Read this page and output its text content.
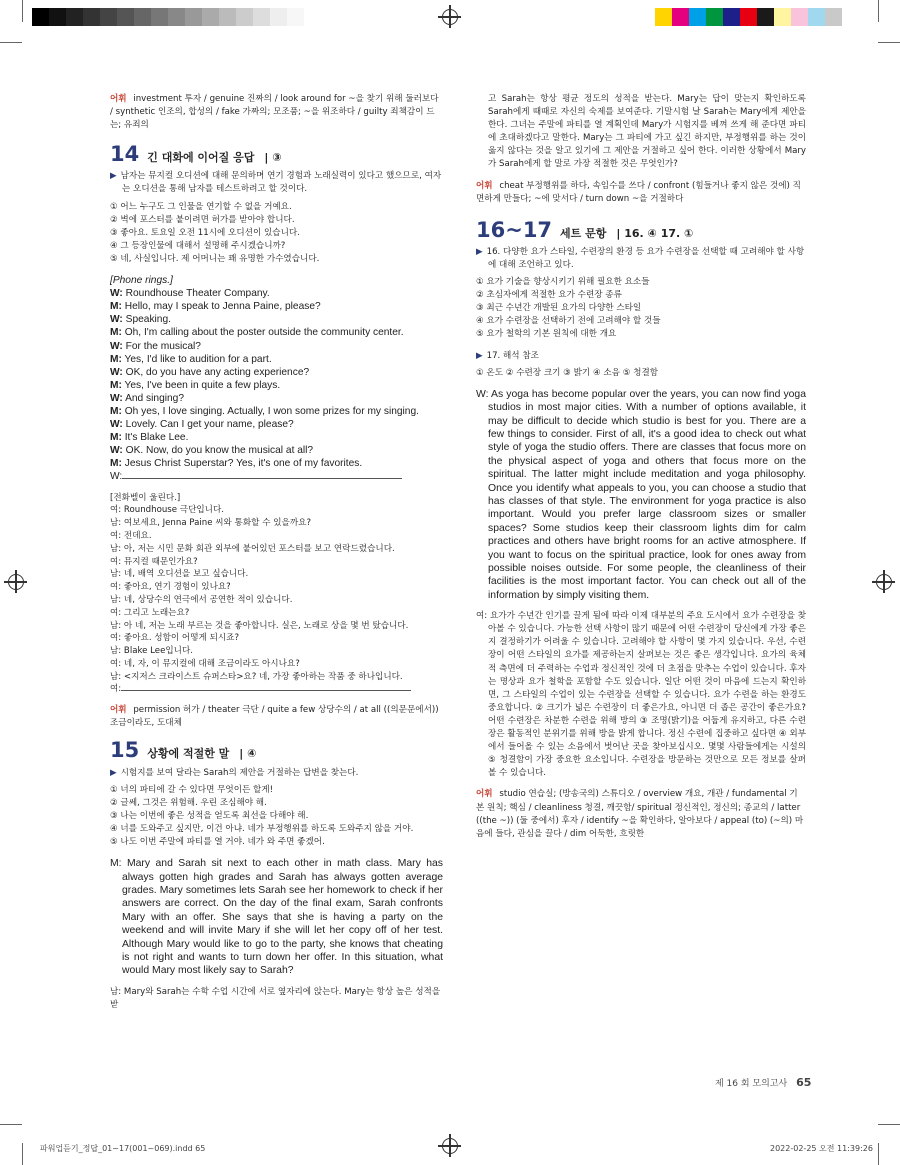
어휘 investment 투자 / genuine 진짜의 / look around for ~을 찾기 위해 둘러보다 / synthetic 인조의, 합성의 / fake 가짜의; 모조품; ~을 위조하다 / guilty 죄책감이 드는; 유죄의

14 긴 대화에 이어질 응답 | ③

▶ 남자는 뮤지컬 오디션에 대해 문의하며 연기 경험과 노래실력이 있다고 했으므로, 여자는 오디션을 통해 남자를 테스트하려고 할 것이다.

① 어느 누구도 그 인물을 연기할 수 없을 거예요.

② 벽에 포스터를 붙이려면 허가를 받아야 합니다.

③ 좋아요. 토요일 오전 11시에 오디션이 있습니다.

④ 그 등장인물에 대해서 설명해 주시겠습니까?

⑤ 네, 사실입니다. 제 어머니는 꽤 유명한 가수였습니다.

[Phone rings.]

W: Roundhouse Theater Company.

M: Hello, may I speak to Jenna Paine, please?

W: Speaking.

M: Oh, I'm calling about the poster outside the community center.

W: For the musical?

M: Yes, I'd like to audition for a part.

W: OK, do you have any acting experience?

M: Yes, I've been in quite a few plays.

W: And singing?

M: Oh yes, I love singing. Actually, I won some prizes for my singing.

W: Lovely. Can I get your name, please?

M: It's Blake Lee.

W: OK. Now, do you know the musical at all?

M: Jesus Christ Superstar? Yes, it's one of my favorites.

W:

[전화벨이 울린다.]

여: Roundhouse 극단입니다.

남: 여보세요, Jenna Paine 씨와 통화할 수 있을까요?

여: 전데요.

남: 아, 저는 시민 문화 회관 외부에 붙어있던 포스터를 보고 연락드렸습니다.

여: 뮤지컬 때문인가요?

남: 네, 배역 오디션을 보고 싶습니다.

여: 좋아요, 연기 경험이 있나요?

남: 네, 상당수의 연극에서 공연한 적이 있습니다.

여: 그리고 노래는요?

남: 아 네, 저는 노래 부르는 것을 좋아합니다. 실은, 노래로 상을 몇 번 탔습니다.

여: 좋아요. 성함이 어떻게 되시죠?

남: Blake Lee입니다.

여: 네, 자, 이 뮤지컬에 대해 조금이라도 아시나요?

남: <지저스 크라이스트 슈퍼스타>요? 네, 가장 좋아하는 작품 중 하나입니다.

여:

어휘 permission 허가 / theater 극단 / quite a few 상당수의 / at all ((의문문에서)) 조금이라도, 도대체

15 상황에 적절한 말 | ④

▶ 시험지를 보여 달라는 Sarah의 제안을 거절하는 답변을 찾는다.

① 너의 파티에 갈 수 있다면 무엇이든 할게!

② 글쎄, 그것은 위험해. 우린 조심해야 해.

③ 나는 이번에 좋은 성적을 얻도록 최선을 다해야 해.

④ 너를 도와주고 싶지만, 이건 아냐. 네가 부정행위를 하도록 도와주지 않을 거야.

⑤ 나도 이번 주말에 파티를 열 거야. 네가 와 주면 좋겠어.

M: Mary and Sarah sit next to each other in math class. Mary has always gotten high grades and Sarah has always gotten average grades. Mary sometimes lets Sarah see her homework to check if her answers are correct. On the day of the final exam, Sarah confronts Mary with an offer. She says that she is having a party on the weekend and will invite Mary if she will let her copy off of her test. Although Mary would like to go to the party, she knows that cheating is not right and wants to turn down her offer. In this situation, what would Mary most likely say to Sarah?

남: Mary와 Sarah는 수학 수업 시간에 서로 옆자리에 앉는다. Mary는 항상 높은 성적을 받

고 Sarah는 항상 평균 정도의 성적을 받는다. Mary는 답이 맞는지 확인하도록 Sarah에게 때때로 자신의 숙제를 보여준다. 기말시험 날 Sarah는 Mary에게 제안을 한다. 그녀는 주말에 파티를 열 계획인데 Mary가 시험지를 베껴 쓰게 해 준다면 파티에 초대하겠다고 말한다. Mary는 그 파티에 가고 싶긴 하지만, 부정행위를 하는 것이 옳지 않다는 것을 알고 있기에 그 제안을 거절하고 싶어 한다. 이러한 상황에서 Mary가 Sarah에게 할 말로 가장 적절한 것은 무엇인가?

어휘 cheat 부정행위를 하다, 속임수를 쓰다 / confront (힘들거나 좋지 않은 것에) 직면하게 만들다; ~에 맞서다 / turn down ~을 거절하다

16~17 세트 문항 | 16. ④ 17. ①

▶ 16. 다양한 요가 스타일, 수련장의 환경 등 요가 수련장을 선택할 때 고려해야 할 사항에 대해 조언하고 있다.

① 요가 기술을 향상시키기 위해 필요한 요소들

② 초심자에게 적절한 요가 수련장 종류

③ 최근 수년간 개발된 요가의 다양한 스타일

④ 요가 수련장을 선택하기 전에 고려해야 할 것들

⑤ 요가 철학의 기본 원칙에 대한 개요

▶ 17. 해석 참조

① 온도 ② 수련장 크기 ③ 밝기 ④ 소음 ⑤ 청결함

W: As yoga has become popular over the years, you can now find yoga studios in most major cities. With a number of options available, it may be difficult to decide which studio is best for you. There are a few things to consider. First of all, it's a good idea to check out what style of yoga the studio offers. There are classes that focus more on the physical aspect of yoga and others that focus more on the spiritual. The latter might include meditation and yoga philosophy. Once you identify what appeals to you, you can choose a studio that has classes of that style. The environment for yoga practice is also important. Would you prefer large classroom sizes or smaller spaces? Some studios keep their classroom lights dim for calm practices and others have bright rooms for an active atmosphere. If you want to focus on the spiritual practice, look for ones away from possible noises outside. For some people, the cleanliness of their facilities is the most important factor. You can check out all of the information by simply visiting them.

여: 요가가 수년간 인기를 끌게 됨에 따라 이제 대부분의 주요 도시에서 요가 수련장을 찾아볼 수 있습니다. 가능한 선택 사항이 많기 때문에 어떤 수련장이 당신에게 가장 좋은지 결정하기가 어려울 수 있습니다. 고려해야 할 사항이 몇 가지 있습니다. 우선, 수련장이 어떤 스타일의 요가를 제공하는지 살펴보는 것은 좋은 생각입니다. 요가의 육체적 측면에 더 주력하는 수업과 정신적인 것에 더 초점을 맞추는 수업이 있습니다. 후자는 명상과 요가 철학을 포함할 수도 있습니다. 일단 어떤 것이 마음에 드는지 확인하면, 그 스타일의 수업이 있는 수련장을 선택할 수 있습니다. 요가 수련을 하는 환경도 중요합니다. ② 크기가 넓은 수련장이 더 좋은가요, 아니면 더 좁은 공간이 좋은가요? 어떤 수련장은 차분한 수련을 위해 방의 ③ 조명(밝기)을 어둡게 유지하고, 다른 수련장은 활동적인 분위기를 위해 방을 밝게 합니다. 정신 수련에 집중하고 싶다면 ④ 외부에서 들어올 수 있는 소음에서 벗어난 곳을 찾아보십시오. 몇몇 사람들에게는 시설의 ⑤ 청결함이 가장 중요한 요소입니다. 수련장을 방문하는 것만으로 모든 정보를 살펴볼 수 있습니다.

어휘 studio 연습실; (방송국의) 스튜디오 / overview 개요, 개관 / fundamental 기본 원칙; 핵심 / cleanliness 청결, 깨끗함/ spiritual 정신적인, 정신의; 종교의 / latter ((the ~)) (둘 중에서) 후자 / identify ~을 확인하다, 알아보다 / appeal (to) (~의) 마음에 들다, 관심을 끌다 / dim 어둑한, 흐릿한

제 16 회 모의고사 65
파워업듣기_정답_01~17(001~069).indd 65	2022-02-25 오전 11:39:26
